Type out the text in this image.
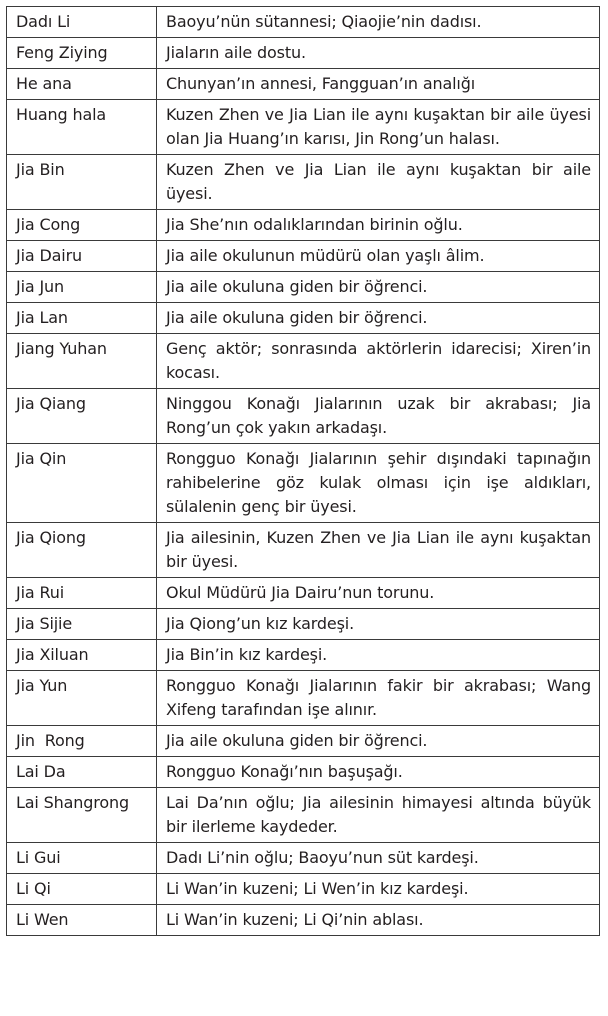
Dadı Li	Baoyu’nün sütannesi; Qiaojie’nin dadısı.
Feng Ziying	Jiaların aile dostu.
He ana	Chunyan’ın annesi, Fangguan’ın analığı
Huang hala	Kuzen Zhen ve Jia Lian ile aynı kuşaktan bir aile üyesi olan Jia Huang’ın karısı, Jin Rong’un halası.
Jia Bin	Kuzen Zhen ve Jia Lian ile aynı kuşaktan bir aile üyesi.
Jia Cong	Jia She’nın odalıklarından birinin oğlu.
Jia Dairu	Jia aile okulunun müdürü olan yaşlı âlim.
Jia Jun	Jia aile okuluna giden bir öğrenci.
Jia Lan	Jia aile okuluna giden bir öğrenci.
Jiang Yuhan	Genç aktör; sonrasında aktörlerin idarecisi; Xiren’in kocası.
Jia Qiang	Ninggou Konağı Jialarının uzak bir akrabası; Jia Rong’un çok yakın arkadaşı.
Jia Qin	Rongguo Konağı Jialarının şehir dışındaki tapınağın rahibelerine göz kulak olması için işe aldıkları, sülalenin genç bir üyesi.
Jia Qiong	Jia ailesinin, Kuzen Zhen ve Jia Lian ile aynı kuşaktan bir üyesi.
Jia Rui	Okul Müdürü Jia Dairu’nun torunu.
Jia Sijie	Jia Qiong’un kız kardeşi.
Jia Xiluan	Jia Bin’in kız kardeşi.
Jia Yun	Rongguo Konağı Jialarının fakir bir akrabası; Wang Xifeng tarafından işe alınır.
Jin  Rong	Jia aile okuluna giden bir öğrenci.
Lai Da	Rongguo Konağı’nın başuşağı.
Lai Shangrong	Lai Da’nın oğlu; Jia ailesinin himayesi altında büyük bir ilerleme kaydeder.
Li Gui	Dadı Li’nin oğlu; Baoyu’nun süt kardeşi.
Li Qi	Li Wan’in kuzeni; Li Wen’in kız kardeşi.
Li Wen	Li Wan’in kuzeni; Li Qi’nin ablası.
